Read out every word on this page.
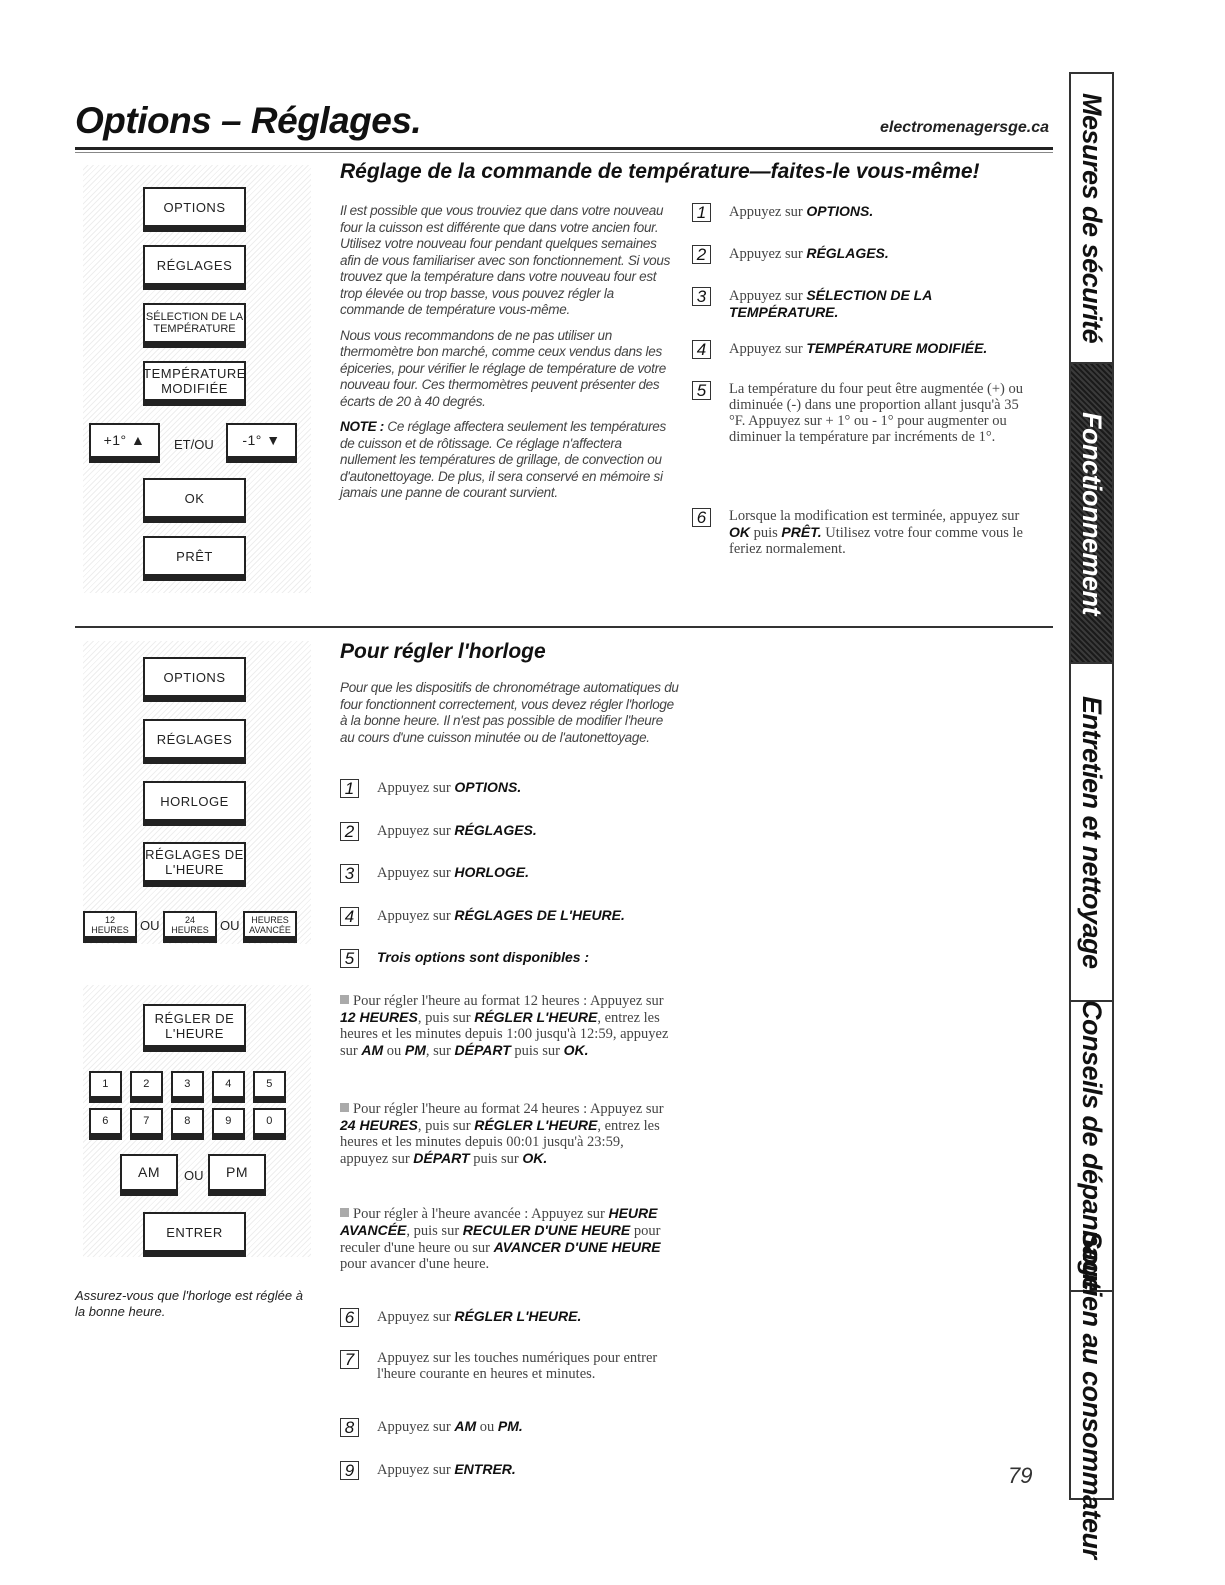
Options – Réglages.	electromenagersge.ca Mesures de sécurité
Fonctionnement
Entretien et nettoyage
Conseils de dépannage
Soutien au consommateur
OPTIONS
RÉGLAGES
SÉLECTION DE LA TEMPÉRATURE
TEMPÉRATURE MODIFIÉE
+1° ▲	ET/OU	-1° ▼
OK
PRÊT
Réglage de la commande de température—faites-le vous-même!

Il est possible que vous trouviez que dans votre nouveau four la cuisson est différente que dans votre ancien four. Utilisez votre nouveau four pendant quelques semaines afin de vous familiariser avec son fonctionnement. Si vous trouvez que la température dans votre nouveau four est trop élevée ou trop basse, vous pouvez régler la commande de température vous-même.

Nous vous recommandons de ne pas utiliser un thermomètre bon marché, comme ceux vendus dans les épiceries, pour vérifier le réglage de température de votre nouveau four. Ces thermomètres peuvent présenter des écarts de 20 à 40 degrés.

NOTE : Ce réglage affectera seulement les températures de cuisson et de rôtissage. Ce réglage n'affectera nullement les températures de grillage, de convection ou d'autonettoyage. De plus, il sera conservé en mémoire si jamais une panne de courant survient.

1	Appuyez sur OPTIONS.
2	Appuyez sur RÉGLAGES.
3	Appuyez sur SÉLECTION DE LA TEMPÉRATURE.
4	Appuyez sur TEMPÉRATURE MODIFIÉE.
5	La température du four peut être augmentée (+) ou diminuée (-) dans une proportion allant jusqu'à 35 °F. Appuyez sur + 1° ou - 1° pour augmenter ou diminuer la température par incréments de 1°.
6	Lorsque la modification est terminée, appuyez sur OK puis PRÊT. Utilisez votre four comme vous le feriez normalement.
OPTIONS
RÉGLAGES
HORLOGE
RÉGLAGES DE L'HEURE
12 HEURES OU	24 HEURES OU	HEURES AVANCÉE
RÉGLER DE L'HEURE
1	2	3	4	5
6	7	8	9	0
AM	OU	PM
ENTRER
Assurez-vous que l'horloge est réglée à la bonne heure.
Pour régler l'horloge

Pour que les dispositifs de chronométrage automatiques du four fonctionnent correctement, vous devez régler l'horloge à la bonne heure. Il n'est pas possible de modifier l'heure au cours d'une cuisson minutée ou de l'autonettoyage.

1	Appuyez sur OPTIONS.
2	Appuyez sur RÉGLAGES.
3	Appuyez sur HORLOGE.
4	Appuyez sur RÉGLAGES DE L'HEURE.
5	Trois options sont disponibles :
Pour régler l'heure au format 12 heures : Appuyez sur 12 HEURES, puis sur RÉGLER L'HEURE, entrez les heures et les minutes depuis 1:00 jusqu'à 12:59, appuyez sur AM ou PM, sur DÉPART puis sur OK.
Pour régler l'heure au format 24 heures : Appuyez sur 24 HEURES, puis sur RÉGLER L'HEURE, entrez les heures et les minutes depuis 00:01 jusqu'à 23:59, appuyez sur DÉPART puis sur OK.
Pour régler à l'heure avancée : Appuyez sur HEURE AVANCÉE, puis sur RECULER D'UNE HEURE pour reculer d'une heure ou sur AVANCER D'UNE HEURE pour avancer d'une heure.
6	Appuyez sur RÉGLER L'HEURE.
7	Appuyez sur les touches numériques pour entrer l'heure courante en heures et minutes.
8	Appuyez sur AM ou PM.
9	Appuyez sur ENTRER.	79
